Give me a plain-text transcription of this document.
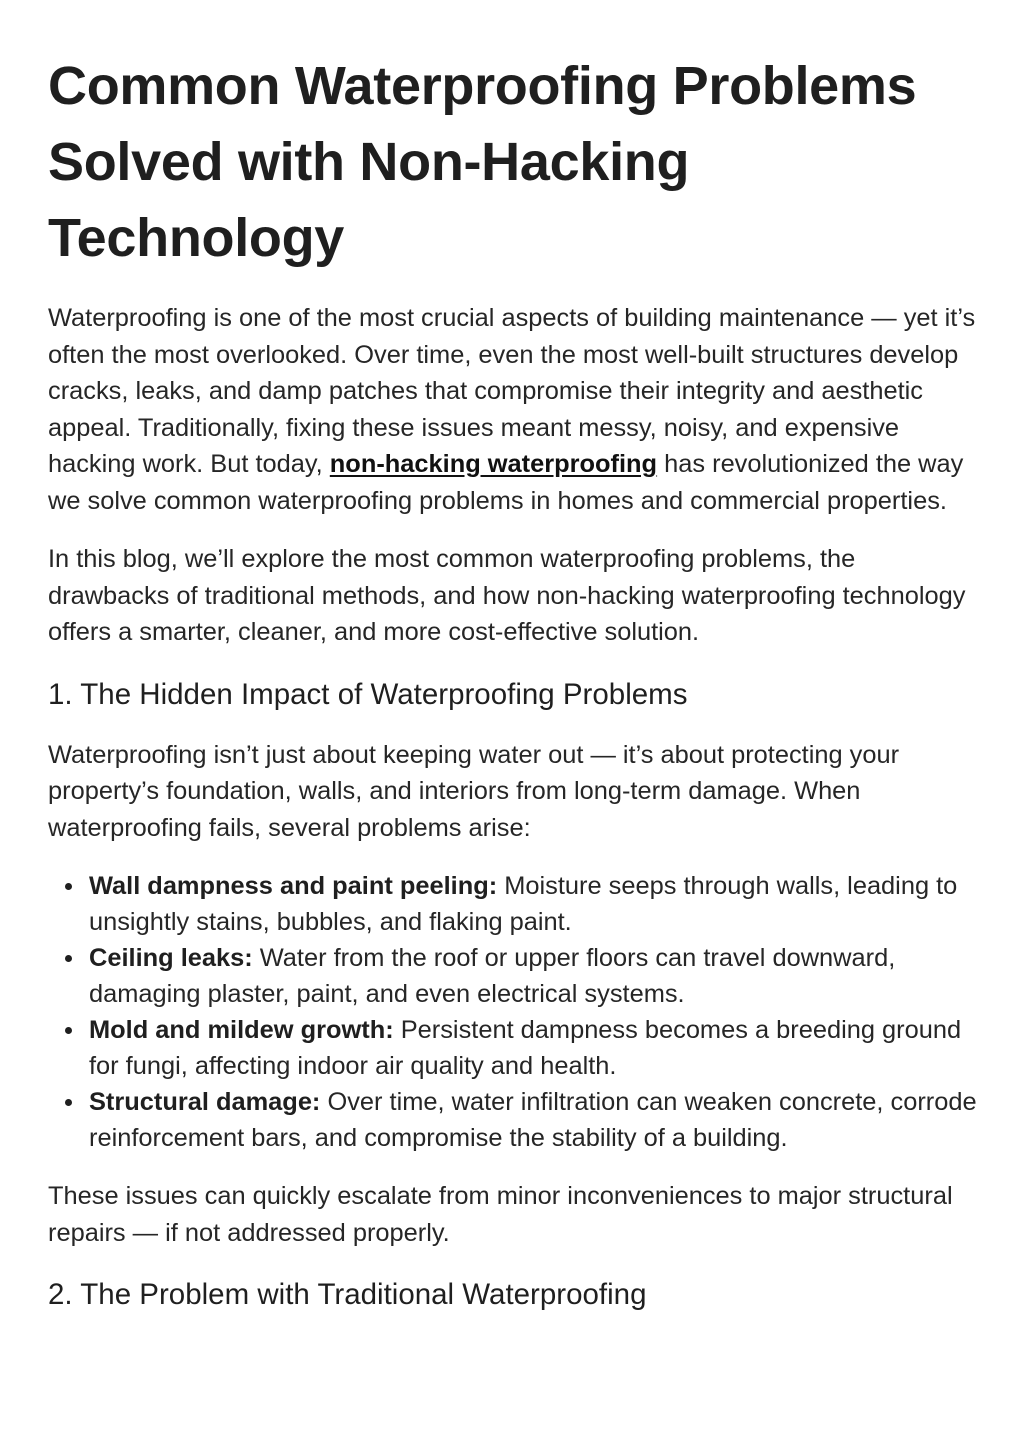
Common Waterproofing Problems Solved with Non-Hacking Technology

Waterproofing is one of the most crucial aspects of building maintenance — yet it’s often the most overlooked. Over time, even the most well-built structures develop cracks, leaks, and damp patches that compromise their integrity and aesthetic appeal. Traditionally, fixing these issues meant messy, noisy, and expensive hacking work. But today, non-hacking waterproofing has revolutionized the way we solve common waterproofing problems in homes and commercial properties.

In this blog, we’ll explore the most common waterproofing problems, the drawbacks of traditional methods, and how non-hacking waterproofing technology offers a smarter, cleaner, and more cost-effective solution.

1. The Hidden Impact of Waterproofing Problems

Waterproofing isn’t just about keeping water out — it’s about protecting your property’s foundation, walls, and interiors from long-term damage. When waterproofing fails, several problems arise:

Wall dampness and paint peeling: Moisture seeps through walls, leading to unsightly stains, bubbles, and flaking paint.
Ceiling leaks: Water from the roof or upper floors can travel downward, damaging plaster, paint, and even electrical systems.
Mold and mildew growth: Persistent dampness becomes a breeding ground for fungi, affecting indoor air quality and health.
Structural damage: Over time, water infiltration can weaken concrete, corrode reinforcement bars, and compromise the stability of a building.

These issues can quickly escalate from minor inconveniences to major structural repairs — if not addressed properly.

2. The Problem with Traditional Waterproofing
